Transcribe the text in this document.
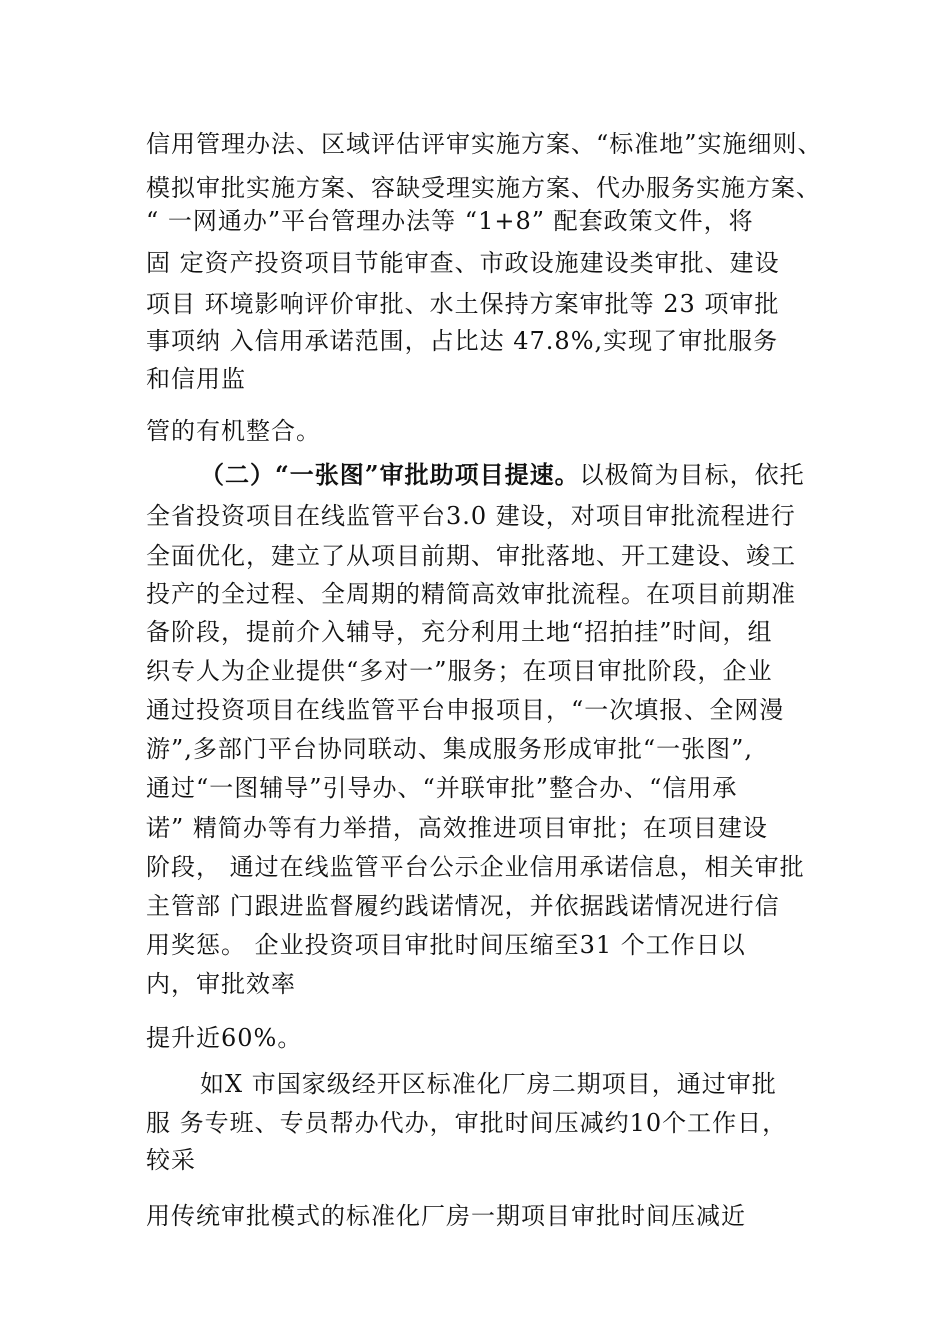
信用管理办法、区域评估评审实施方案、“标准地”实施细则、
模拟审批实施方案、容缺受理实施方案、代办服务实施方案、
“ 一网通办”平台管理办法等 “1+8” 配套政策文件，将
固 定资产投资项目节能审查、市政设施建设类审批、建设
项目 环境影响评价审批、水土保持方案审批等 23 项审批
事项纳 入信用承诺范围，占比达 47.8%,实现了审批服务
和信用监
管的有机整合。
（二）“一张图”审批助项目提速。以极简为目标，依托
全省投资项目在线监管平台3.0 建设，对项目审批流程进行
全面优化，建立了从项目前期、审批落地、开工建设、竣工
投产的全过程、全周期的精简高效审批流程。在项目前期准
备阶段，提前介入辅导，充分利用土地“招拍挂”时间，组
织专人为企业提供“多对一”服务；在项目审批阶段，企业
通过投资项目在线监管平台申报项目，“一次填报、全网漫
游”,多部门平台协同联动、集成服务形成审批“一张图”,
通过“一图辅导”引导办、“并联审批”整合办、“信用承
诺” 精简办等有力举措，高效推进项目审批；在项目建设
阶段， 通过在线监管平台公示企业信用承诺信息，相关审批
主管部 门跟进监督履约践诺情况，并依据践诺情况进行信
用奖惩。 企业投资项目审批时间压缩至31 个工作日以
内，审批效率
提升近60%。
如X 市国家级经开区标准化厂房二期项目，通过审批
服 务专班、专员帮办代办，审批时间压减约10个工作日，
较采
用传统审批模式的标准化厂房一期项目审批时间压减近
